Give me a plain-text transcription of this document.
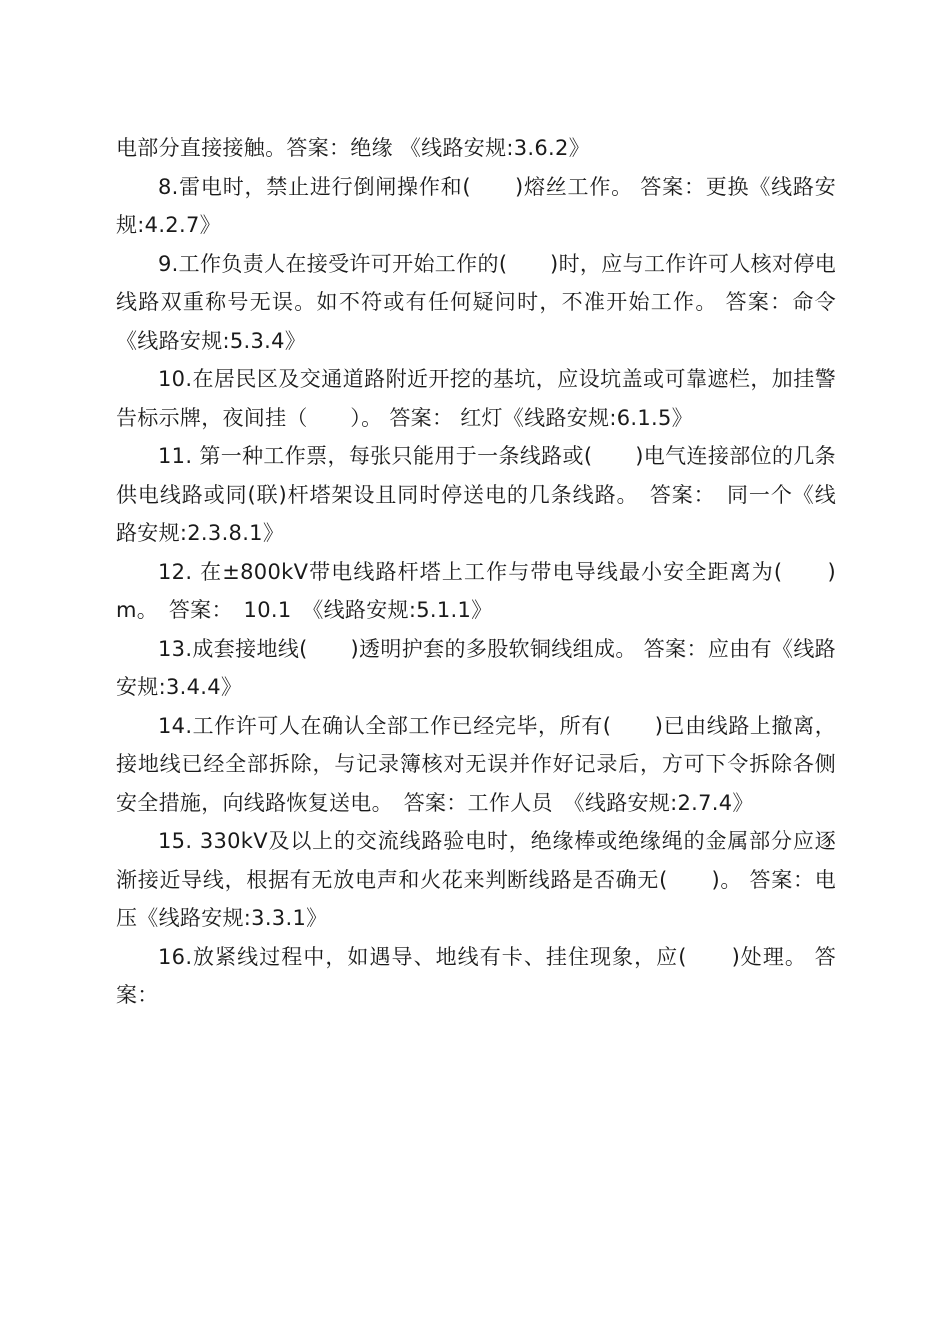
电部分直接接触。答案：绝缘 《线路安规:3.6.2》

8.雷电时，禁止进行倒闸操作和(　　)熔丝工作。 答案：更换《线路安规:4.2.7》

9.工作负责人在接受许可开始工作的(　　)时，应与工作许可人核对停电线路双重称号无误。如不符或有任何疑问时，不准开始工作。 答案：命令《线路安规:5.3.4》

10.在居民区及交通道路附近开挖的基坑，应设坑盖或可靠遮栏，加挂警告标示牌，夜间挂（　　）。 答案： 红灯《线路安规:6.1.5》

11. 第一种工作票，每张只能用于一条线路或(　　)电气连接部位的几条供电线路或同(联)杆塔架设且同时停送电的几条线路。　答案：　同一个《线路安规:2.3.8.1》

12. 在±800kV带电线路杆塔上工作与带电导线最小安全距离为(　　)m。　答案：　10.1　《线路安规:5.1.1》

13.成套接地线(　　)透明护套的多股软铜线组成。 答案：应由有《线路安规:3.4.4》

14.工作许可人在确认全部工作已经完毕，所有(　　)已由线路上撤离，接地线已经全部拆除，与记录簿核对无误并作好记录后，方可下令拆除各侧安全措施，向线路恢复送电。　答案：工作人员　《线路安规:2.7.4》

15. 330kV及以上的交流线路验电时，绝缘棒或绝缘绳的金属部分应逐渐接近导线，根据有无放电声和火花来判断线路是否确无(　　)。 答案：电压《线路安规:3.3.1》

16.放紧线过程中，如遇导、地线有卡、挂住现象，应(　　)处理。 答案：
